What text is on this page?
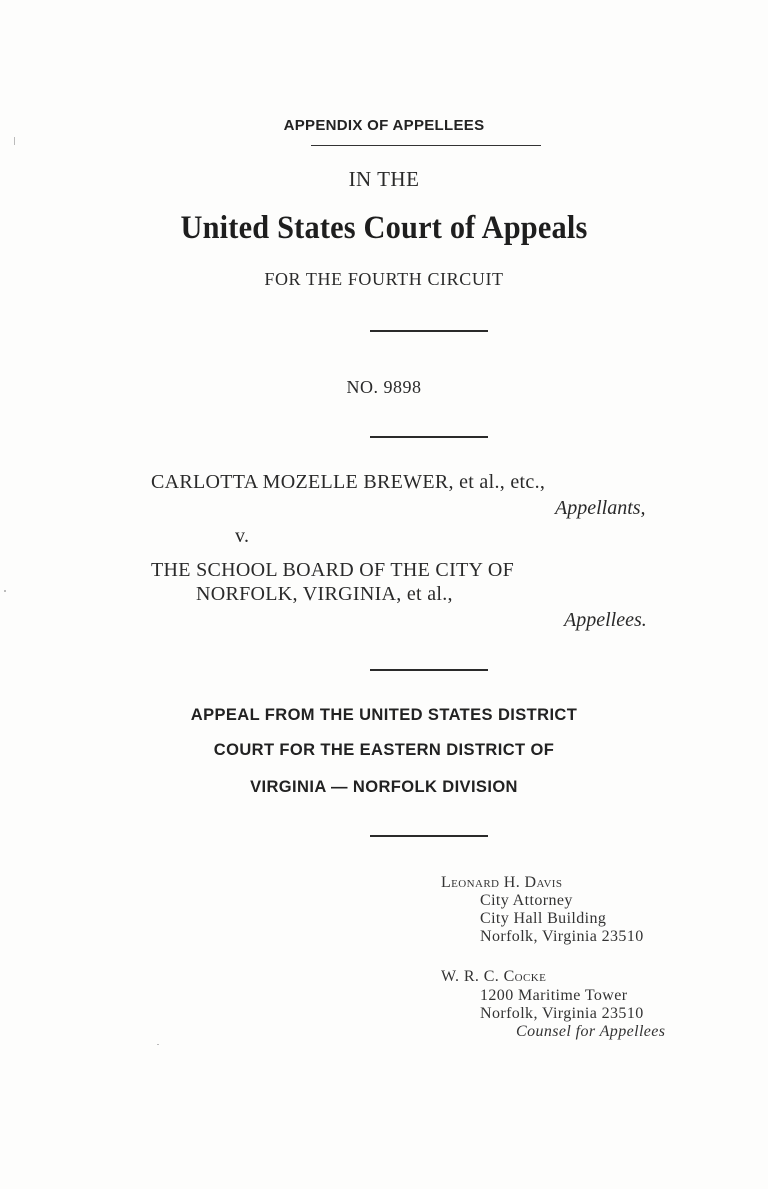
APPENDIX OF APPELLEES
IN THE
United States Court of Appeals
FOR THE FOURTH CIRCUIT
NO. 9898
CARLOTTA MOZELLE BREWER, et al., etc.,
Appellants,
v.
THE SCHOOL BOARD OF THE CITY OF
NORFOLK, VIRGINIA, et al.,
Appellees.
APPEAL FROM THE UNITED STATES DISTRICT
COURT FOR THE EASTERN DISTRICT OF
VIRGINIA — NORFOLK DIVISION
Leonard H. Davis
City Attorney
City Hall Building
Norfolk, Virginia 23510
W. R. C. Cocke
1200 Maritime Tower
Norfolk, Virginia 23510
Counsel for Appellees
